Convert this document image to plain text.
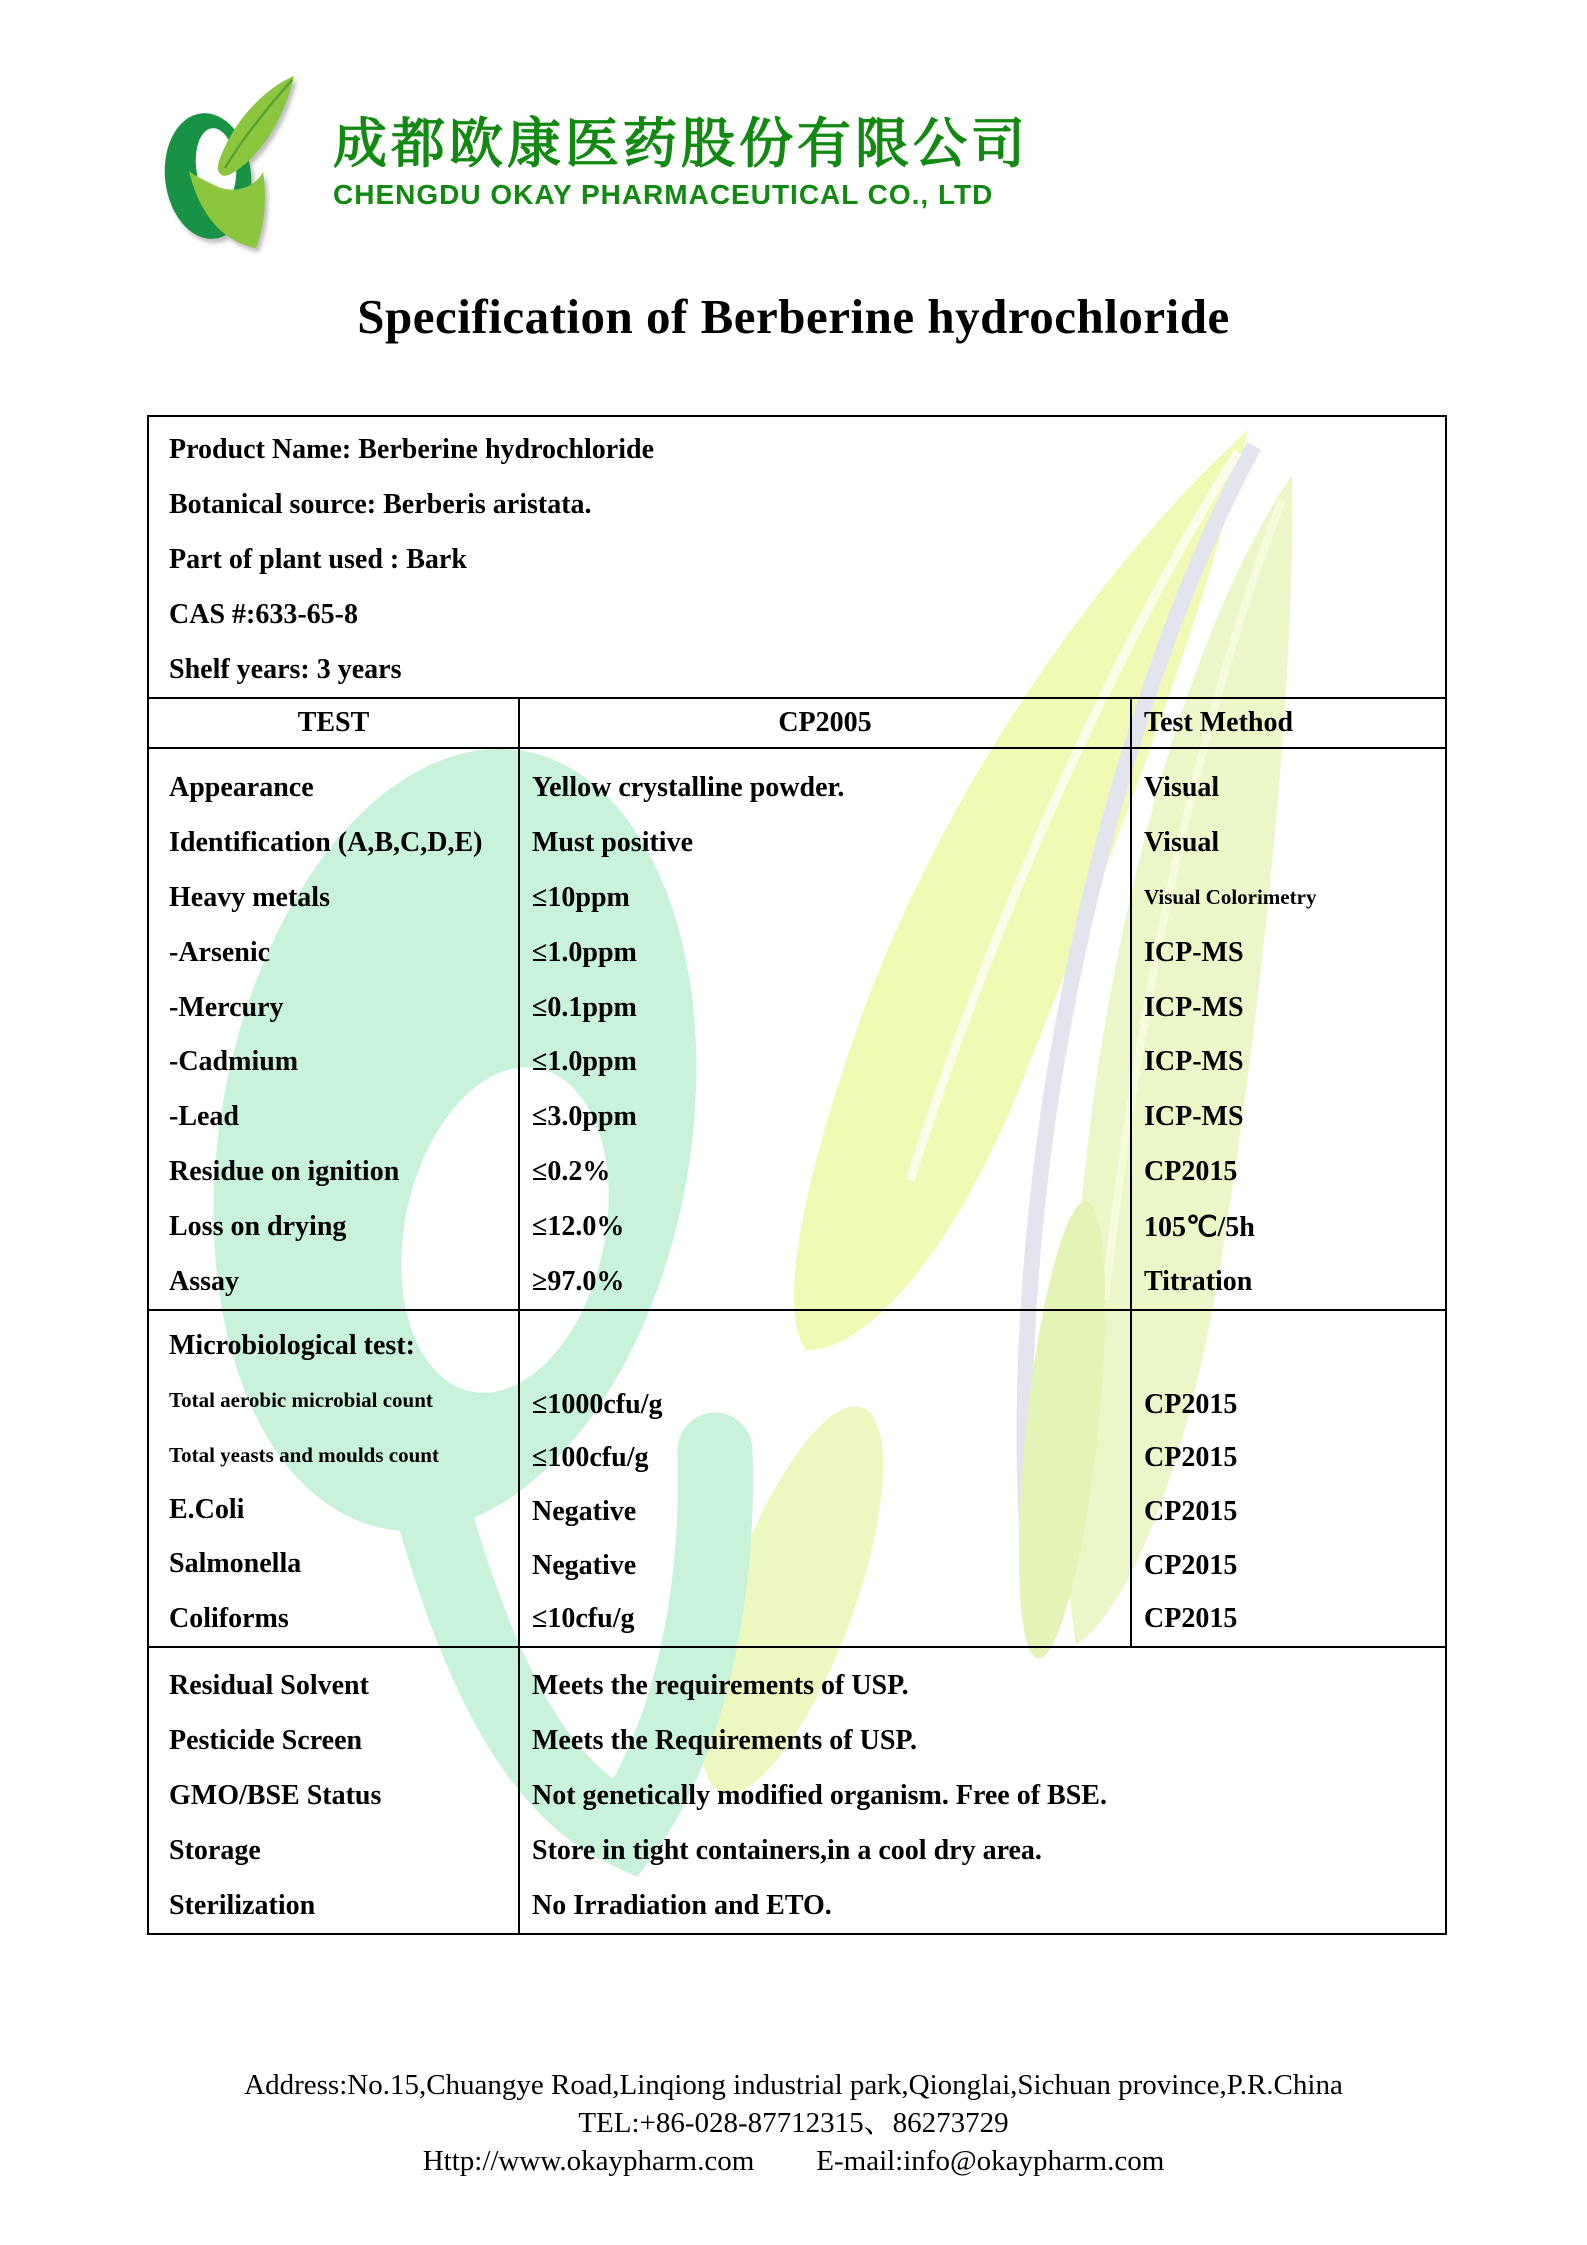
成都欧康医药股份有限公司
CHENGDU OKAY PHARMACEUTICAL CO., LTD
Specification of Berberine hydrochloride
Product Name: Berberine hydrochloride
Botanical source: Berberis aristata.
Part of plant used : Bark
CAS #:633-65-8
Shelf years: 3 years
TEST	CP2005	Test Method
Appearance
Identification (A,B,C,D,E)
Heavy metals
-Arsenic
-Mercury
-Cadmium
-Lead
Residue on ignition
Loss on drying
Assay
Yellow crystalline powder.
Must positive
≤10ppm
≤1.0ppm
≤0.1ppm
≤1.0ppm
≤3.0ppm
≤0.2%
≤12.0%
≥97.0%
Visual
Visual
Visual Colorimetry
ICP-MS
ICP-MS
ICP-MS
ICP-MS
CP2015
105℃/5h
Titration
Microbiological test:
Total aerobic microbial count
Total yeasts and moulds count
E.Coli
Salmonella
Coliforms
≤1000cfu/g
≤100cfu/g
Negative
Negative
≤10cfu/g
CP2015
CP2015
CP2015
CP2015
CP2015
Residual Solvent
Pesticide Screen
GMO/BSE Status
Storage
Sterilization
Meets the requirements of USP.
Meets the Requirements of USP.
Not genetically modified organism. Free of BSE.
Store in tight containers,in a cool dry area.
No Irradiation and ETO.
Address:No.15,Chuangye Road,Linqiong industrial park,Qionglai,Sichuan province,P.R.China
TEL:+86-028-87712315、86273729
Http://www.okaypharm.com E-mail:info@okaypharm.com
